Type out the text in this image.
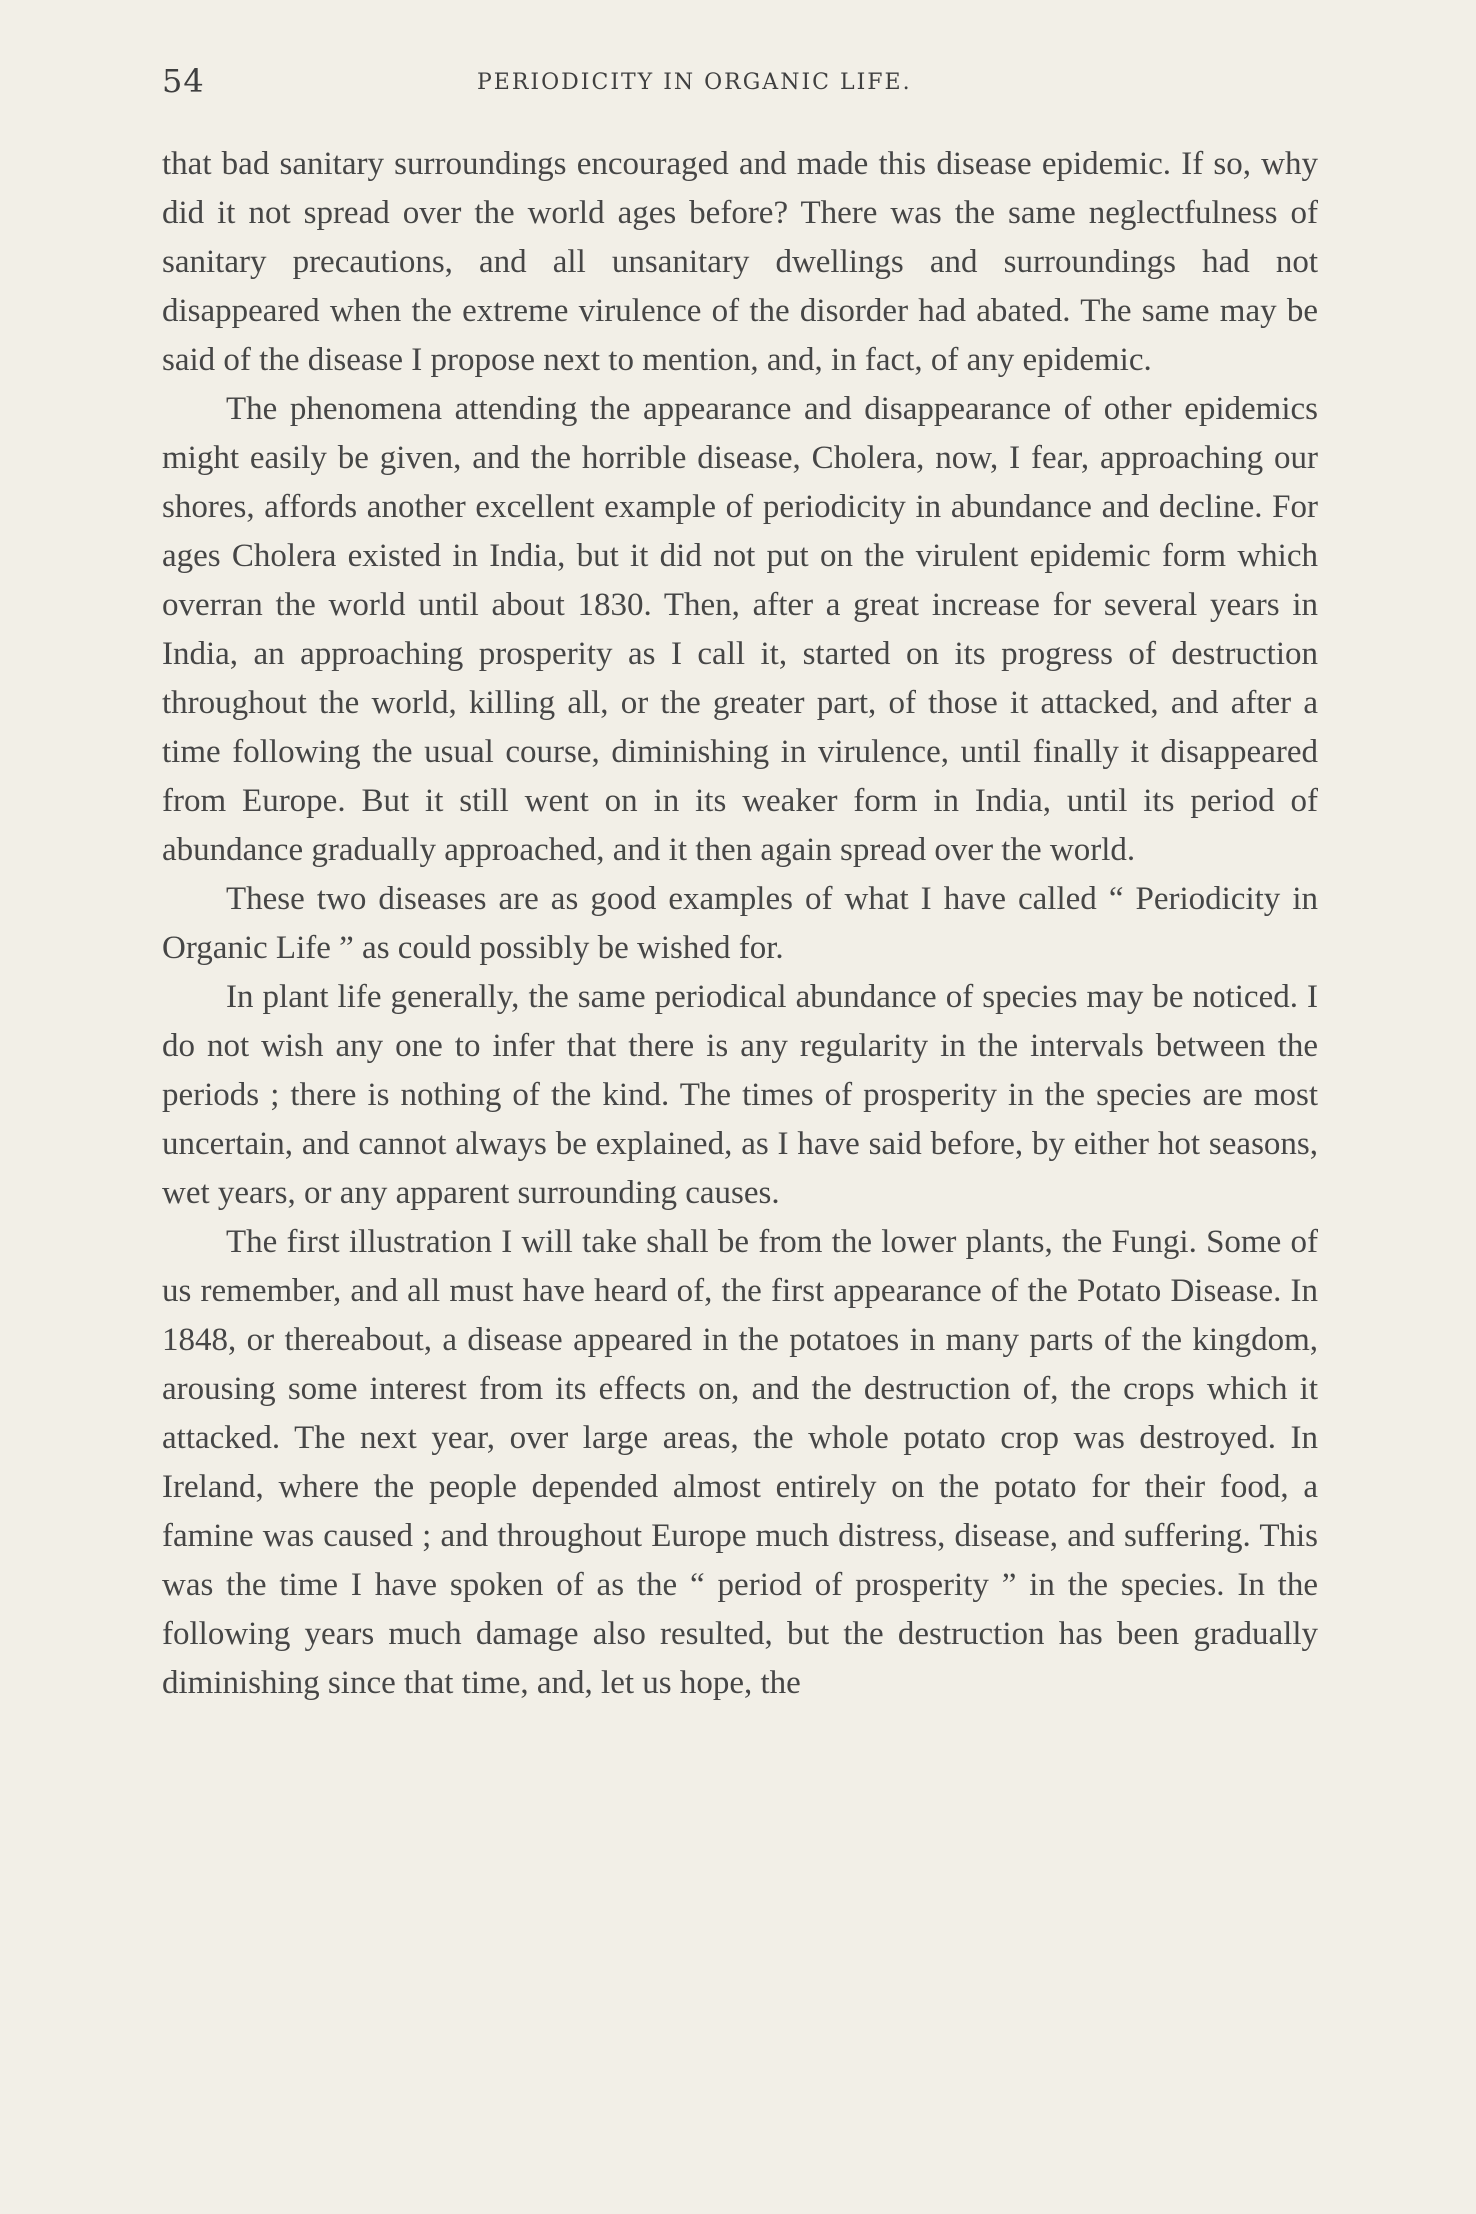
54	PERIODICITY IN ORGANIC LIFE.

that bad sanitary surroundings encouraged and made this disease epidemic. If so, why did it not spread over the world ages before? There was the same neglectfulness of sanitary precautions, and all unsanitary dwellings and surroundings had not disappeared when the extreme virulence of the disorder had abated. The same may be said of the disease I propose next to mention, and, in fact, of any epidemic.

The phenomena attending the appearance and disappearance of other epidemics might easily be given, and the horrible disease, Cholera, now, I fear, approaching our shores, affords another excellent example of periodicity in abundance and decline. For ages Cholera existed in India, but it did not put on the virulent epidemic form which overran the world until about 1830. Then, after a great increase for several years in India, an approaching prosperity as I call it, started on its progress of destruction throughout the world, killing all, or the greater part, of those it attacked, and after a time following the usual course, diminishing in virulence, until finally it disappeared from Europe. But it still went on in its weaker form in India, until its period of abundance gradually approached, and it then again spread over the world.

These two diseases are as good examples of what I have called “ Periodicity in Organic Life ” as could possibly be wished for.

In plant life generally, the same periodical abundance of species may be noticed. I do not wish any one to infer that there is any regularity in the intervals between the periods ; there is nothing of the kind. The times of prosperity in the species are most uncertain, and cannot always be explained, as I have said before, by either hot seasons, wet years, or any apparent surrounding causes.

The first illustration I will take shall be from the lower plants, the Fungi. Some of us remember, and all must have heard of, the first appearance of the Potato Disease. In 1848, or thereabout, a disease appeared in the potatoes in many parts of the kingdom, arousing some interest from its effects on, and the destruction of, the crops which it attacked. The next year, over large areas, the whole potato crop was destroyed. In Ireland, where the people depended almost entirely on the potato for their food, a famine was caused ; and throughout Europe much distress, disease, and suffering. This was the time I have spoken of as the “ period of prosperity ” in the species. In the following years much damage also resulted, but the destruction has been gradually diminishing since that time, and, let us hope, the
